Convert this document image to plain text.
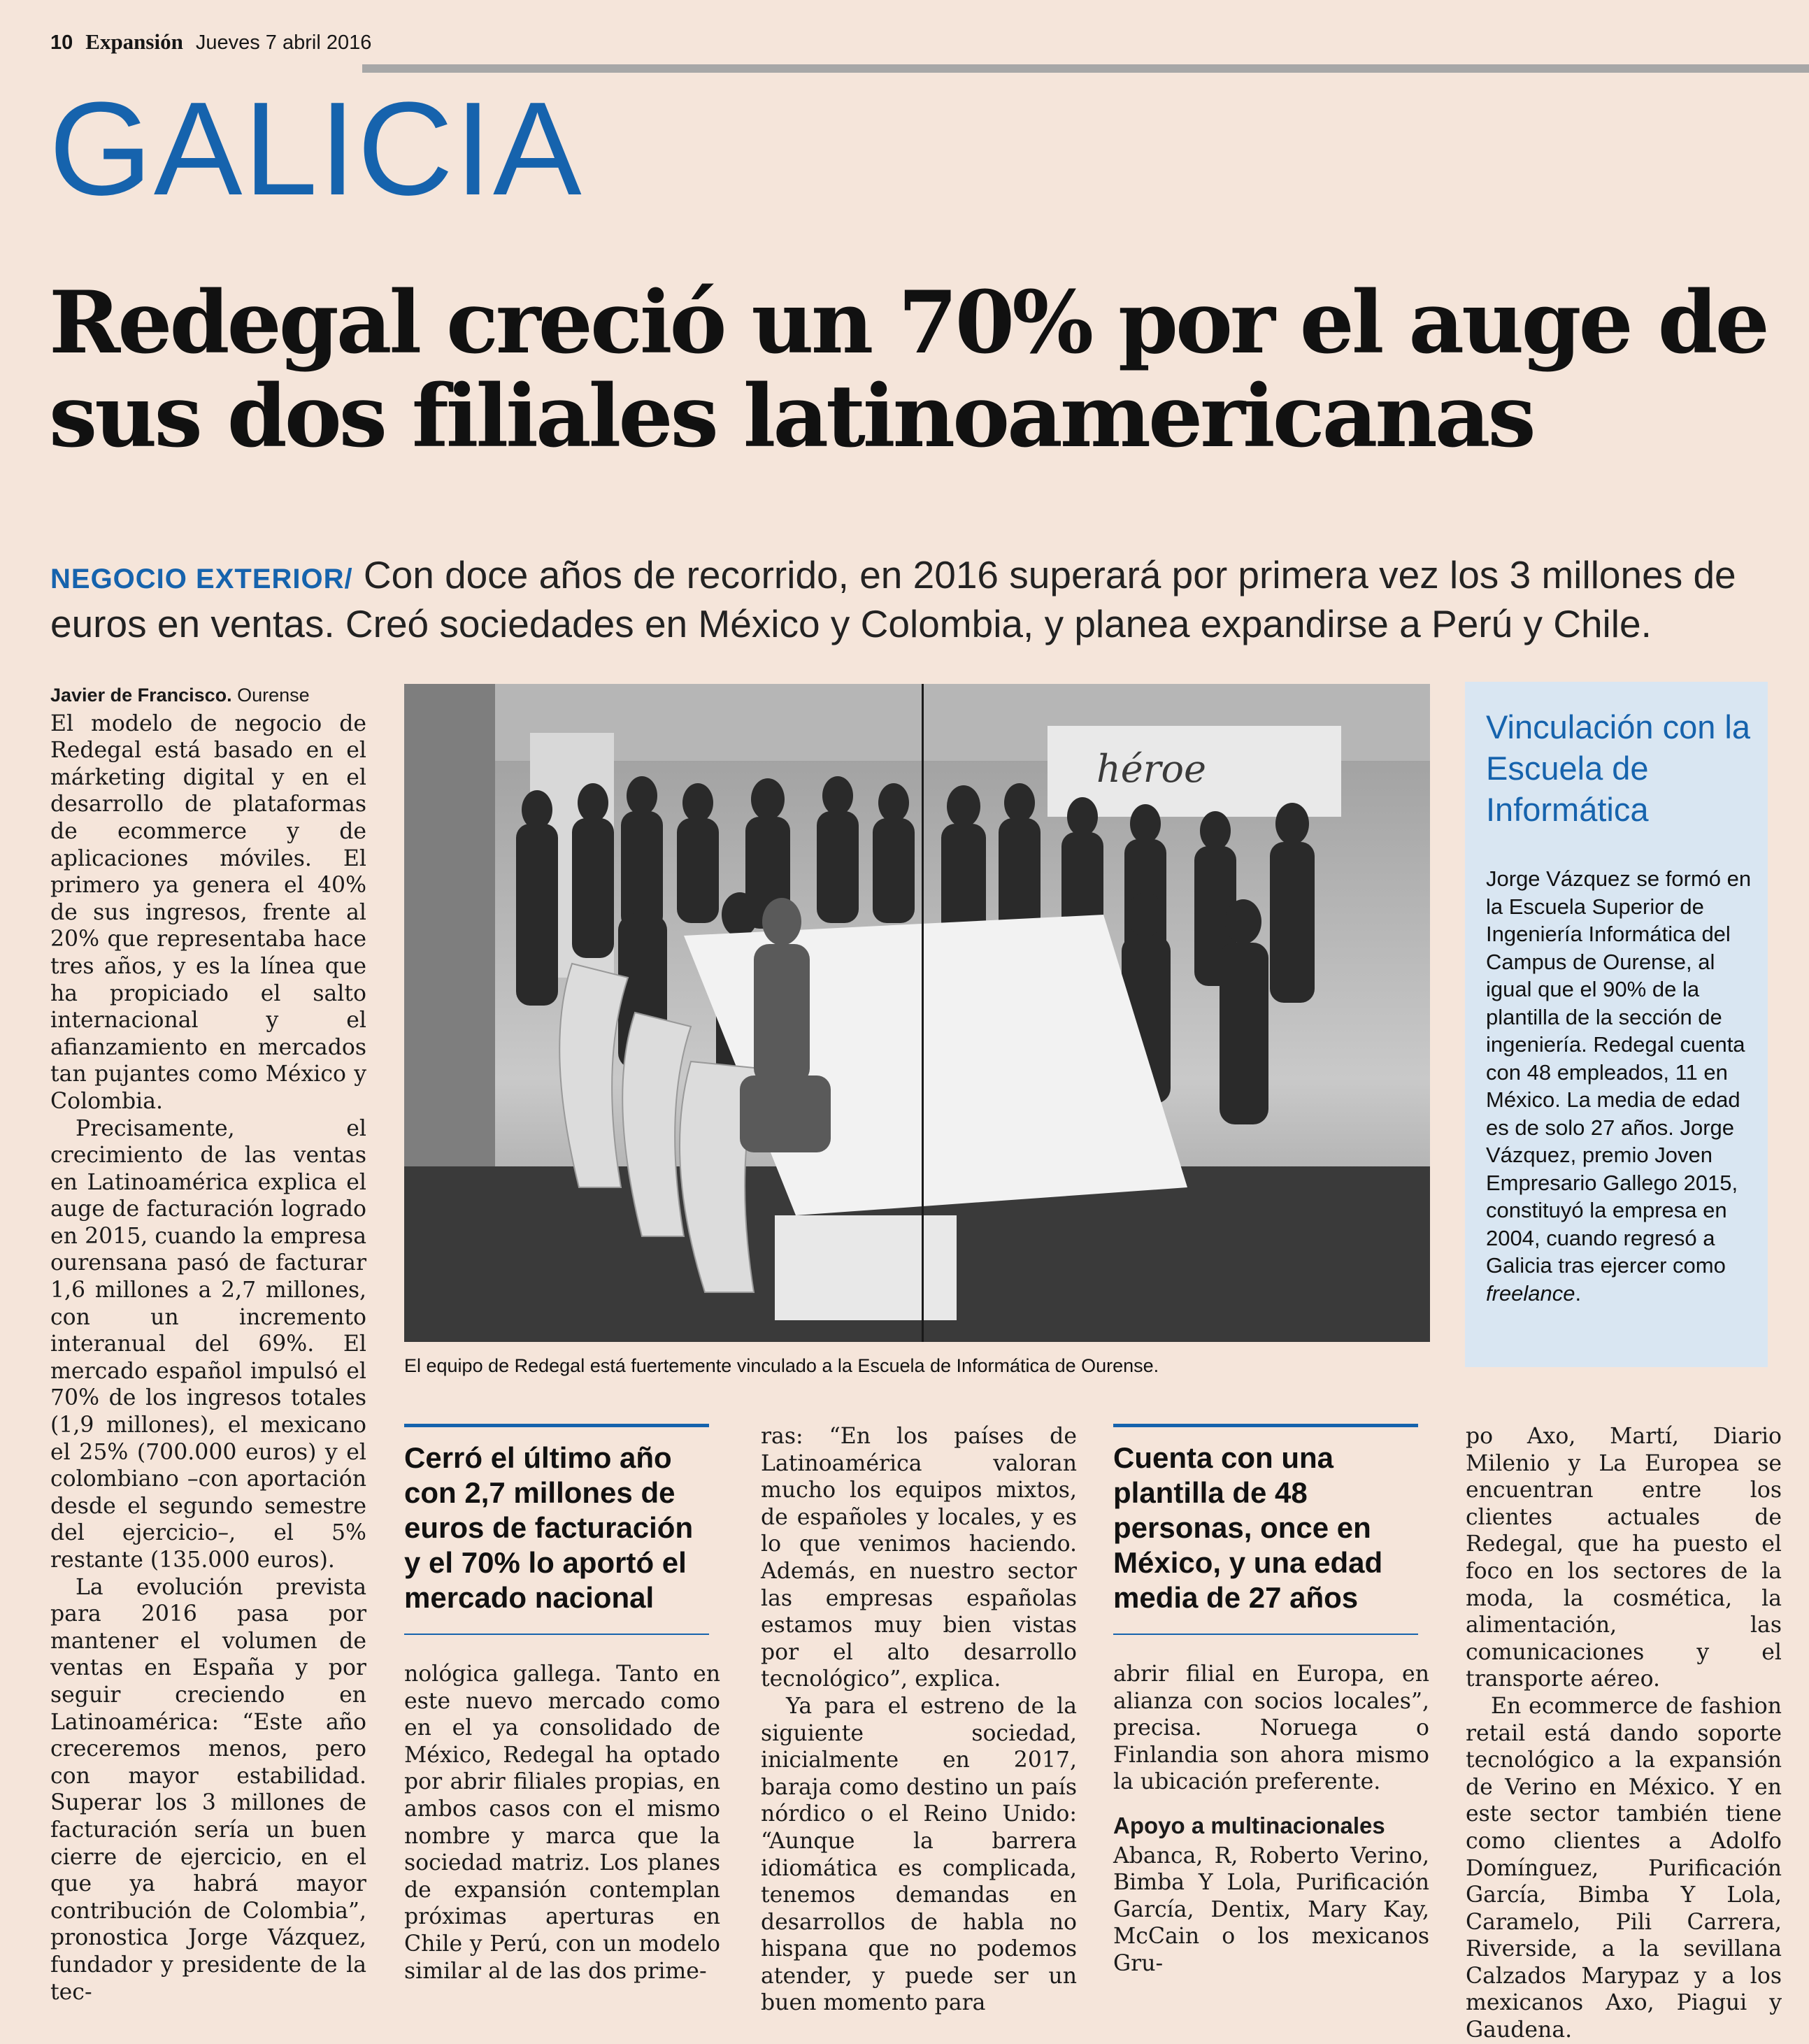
10 Expansión Jueves 7 abril 2016
GALICIA
Redegal creció un 70% por el auge de sus dos filiales latinoamericanas
NEGOCIO EXTERIOR/ Con doce años de recorrido, en 2016 superará por primera vez los 3 millones de euros en ventas. Creó sociedades en México y Colombia, y planea expandirse a Perú y Chile.
Javier de Francisco. Ourense

El modelo de negocio de Redegal está basado en el márketing digital y en el desarrollo de plataformas de ecommerce y de aplicaciones móviles. El primero ya genera el 40% de sus ingresos, frente al 20% que representaba hace tres años, y es la línea que ha propiciado el salto internacional y el afianzamiento en mercados tan pujantes como México y Colombia.

Precisamente, el crecimiento de las ventas en Latinoamérica explica el auge de facturación logrado en 2015, cuando la empresa ourensana pasó de facturar 1,6 millones a 2,7 millones, con un incremento interanual del 69%. El mercado español impulsó el 70% de los ingresos totales (1,9 millones), el mexicano el 25% (700.000 euros) y el colombiano –con aportación desde el segundo semestre del ejercicio–, el 5% restante (135.000 euros).

La evolución prevista para 2016 pasa por mantener el volumen de ventas en España y por seguir creciendo en Latinoamérica: “Este año creceremos menos, pero con mayor estabilidad. Superar los 3 millones de facturación sería un buen cierre de ejercicio, en el que ya habrá mayor contribución de Colombia”, pronostica Jorge Vázquez, fundador y presidente de la tec-

héroe
El equipo de Redegal está fuertemente vinculado a la Escuela de Informática de Ourense.
Vinculación con la Escuela de Informática
Jorge Vázquez se formó en la Escuela Superior de Ingeniería Informática del Campus de Ourense, al igual que el 90% de la plantilla de la sección de ingeniería. Redegal cuenta con 48 empleados, 11 en México. La media de edad es de solo 27 años. Jorge Vázquez, premio Joven Empresario Gallego 2015, constituyó la empresa en 2004, cuando regresó a Galicia tras ejercer como freelance.
Cerró el último año con 2,7 millones de euros de facturación y el 70% lo aportó el mercado nacional

nológica gallega. Tanto en este nuevo mercado como en el ya consolidado de México, Redegal ha optado por abrir filiales propias, en ambos casos con el mismo nombre y marca que la sociedad matriz. Los planes de expansión contemplan próximas aperturas en Chile y Perú, con un modelo similar al de las dos prime-

ras: “En los países de Latinoamérica valoran mucho los equipos mixtos, de españoles y locales, y es lo que venimos haciendo. Además, en nuestro sector las empresas españolas estamos muy bien vistas por el alto desarrollo tecnológico”, explica.

Ya para el estreno de la siguiente sociedad, inicialmente en 2017, baraja como destino un país nórdico o el Reino Unido: “Aunque la barrera idiomática es complicada, tenemos demandas en desarrollos de habla no hispana que no podemos atender, y puede ser un buen momento para

Cuenta con una plantilla de 48 personas, once en México, y una edad media de 27 años

abrir filial en Europa, en alianza con socios locales”, precisa. Noruega o Finlandia son ahora mismo la ubicación preferente.

Apoyo a multinacionales

Abanca, R, Roberto Verino, Bimba Y Lola, Purificación García, Dentix, Mary Kay, McCain o los mexicanos Gru-

po Axo, Martí, Diario Milenio y La Europea se encuentran entre los clientes actuales de Redegal, que ha puesto el foco en los sectores de la moda, la cosmética, la alimentación, las comunicaciones y el transporte aéreo.

En ecommerce de fashion retail está dando soporte tecnológico a la expansión de Verino en México. Y en este sector también tiene como clientes a Adolfo Domínguez, Purificación García, Bimba Y Lola, Caramelo, Pili Carrera, Riverside, a la sevillana Calzados Marypaz y a los mexicanos Axo, Piagui y Gaudena.
